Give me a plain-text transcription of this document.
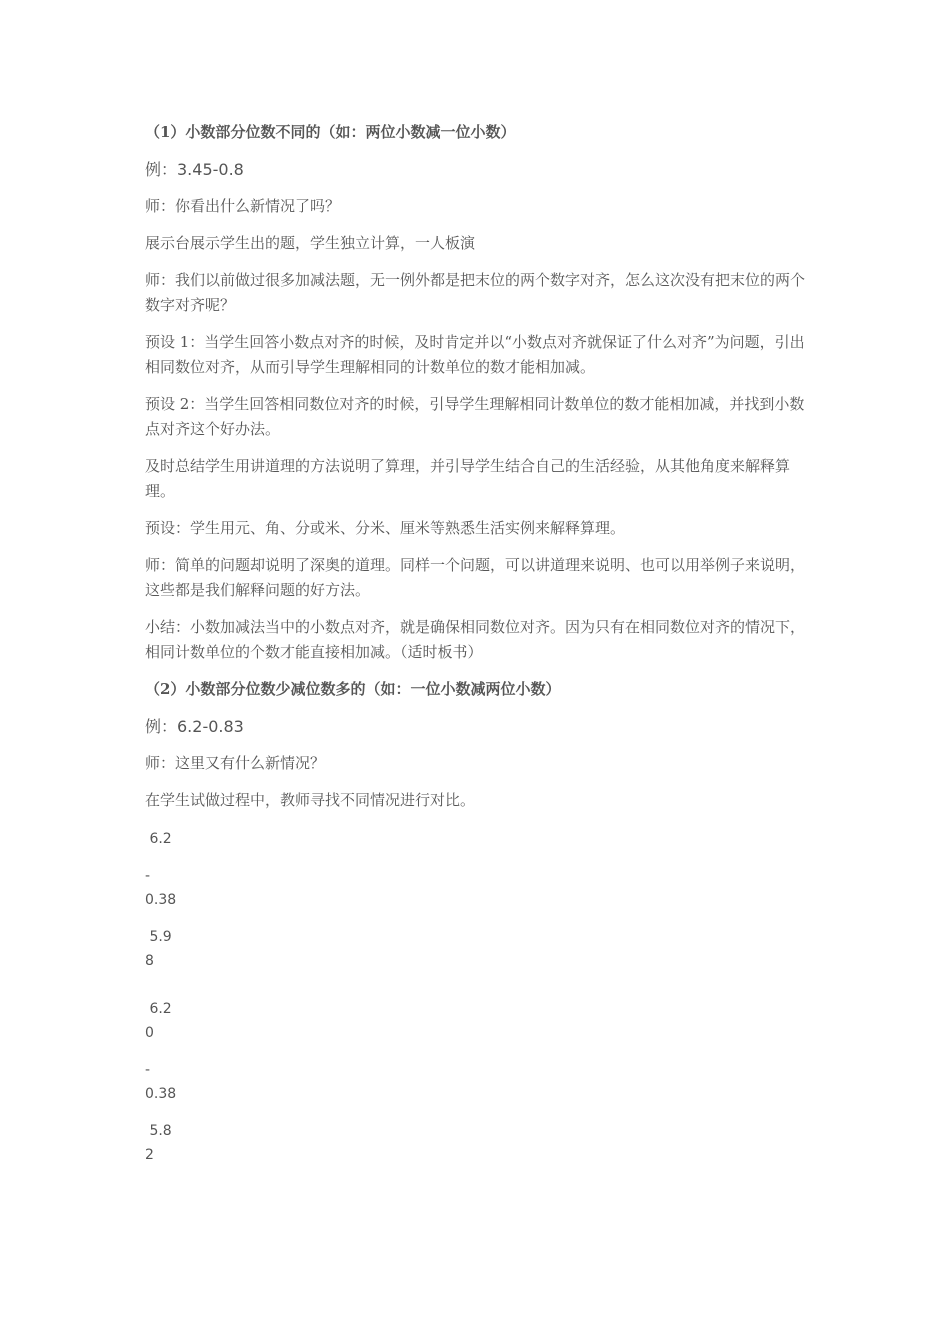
（1）小数部分位数不同的（如：两位小数减一位小数）

例：3.45-0.8

师：你看出什么新情况了吗？

展示台展示学生出的题，学生独立计算，一人板演

师：我们以前做过很多加减法题，无一例外都是把末位的两个数字对齐，怎么这次没有把末位的两个数字对齐呢？

预设 1：当学生回答小数点对齐的时候，及时肯定并以“小数点对齐就保证了什么对齐”为问题，引出相同数位对齐，从而引导学生理解相同的计数单位的数才能相加减。

预设 2：当学生回答相同数位对齐的时候，引导学生理解相同计数单位的数才能相加减，并找到小数点对齐这个好办法。

及时总结学生用讲道理的方法说明了算理，并引导学生结合自己的生活经验，从其他角度来解释算理。

预设：学生用元、角、分或米、分米、厘米等熟悉生活实例来解释算理。

师：简单的问题却说明了深奥的道理。同样一个问题，可以讲道理来说明、也可以用举例子来说明，这些都是我们解释问题的好方法。

小结：小数加减法当中的小数点对齐，就是确保相同数位对齐。因为只有在相同数位对齐的情况下，相同计数单位的个数才能直接相加减。（适时板书）

（2）小数部分位数少减位数多的（如：一位小数减两位小数）

例：6.2-0.83

师：这里又有什么新情况？

在学生试做过程中，教师寻找不同情况进行对比。

6.2
-
0.38
5.9
8
6.2
0
-
0.38
5.8
2
